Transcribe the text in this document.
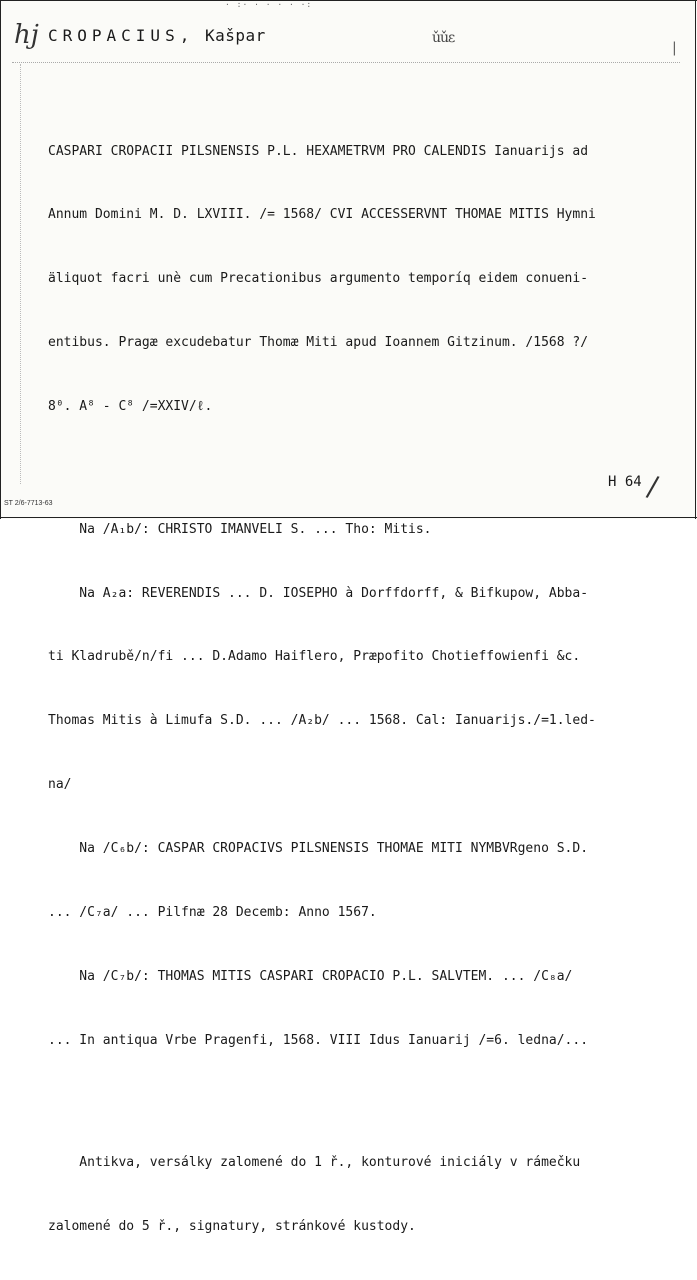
· :· · · · · ·:
hj CROPACIUS, Kašpar	ǔǔε
|

CASPARI CROPACII PILSNENSIS P.L. HEXAMETRVM PRO CALENDIS Ianuarijs ad

Annum Domini M. D. LXVIII. /= 1568/ CVI ACCESSERVNT THOMAE MITIS Hymni

äliquot facri unè cum Precationibus argumento temporíq eidem conueni-

entibus. Pragæ excudebatur Thomæ Miti apud Ioannem Gitzinum. /1568 ?/

8⁰. A⁸ - C⁸ /=XXIV/ℓ.

Na /A₁b/: CHRISTO IMANVELI S. ... Tho: Mitis.

Na A₂a: REVERENDIS ... D. IOSEPHO à Dorffdorff, & Bifkupow, Abba-

ti Kladrubě/n/fi ... D.Adamo Haiflero, Præpofito Chotieffowienfi &c.

Thomas Mitis à Limufa S.D. ... /A₂b/ ... 1568. Cal: Ianuarijs./=1.led-

na/

Na /C₆b/: CASPAR CROPACIVS PILSNENSIS THOMAE MITI NYMBVRgeno S.D.

... /C₇a/ ... Pilfnæ 28 Decemb: Anno 1567.

Na /C₇b/: THOMAS MITIS CASPARI CROPACIO P.L. SALVTEM. ... /C₈a/

... In antiqua Vrbe Pragenfi, 1568. VIII Idus Ianuarij /=6. ledna/...

Antikva, versálky zalomené do 1 ř., konturové iniciály v rámečku

zalomené do 5 ř., signatury, stránkové kustody.

ST 2/6-7713-63
H 64 /
